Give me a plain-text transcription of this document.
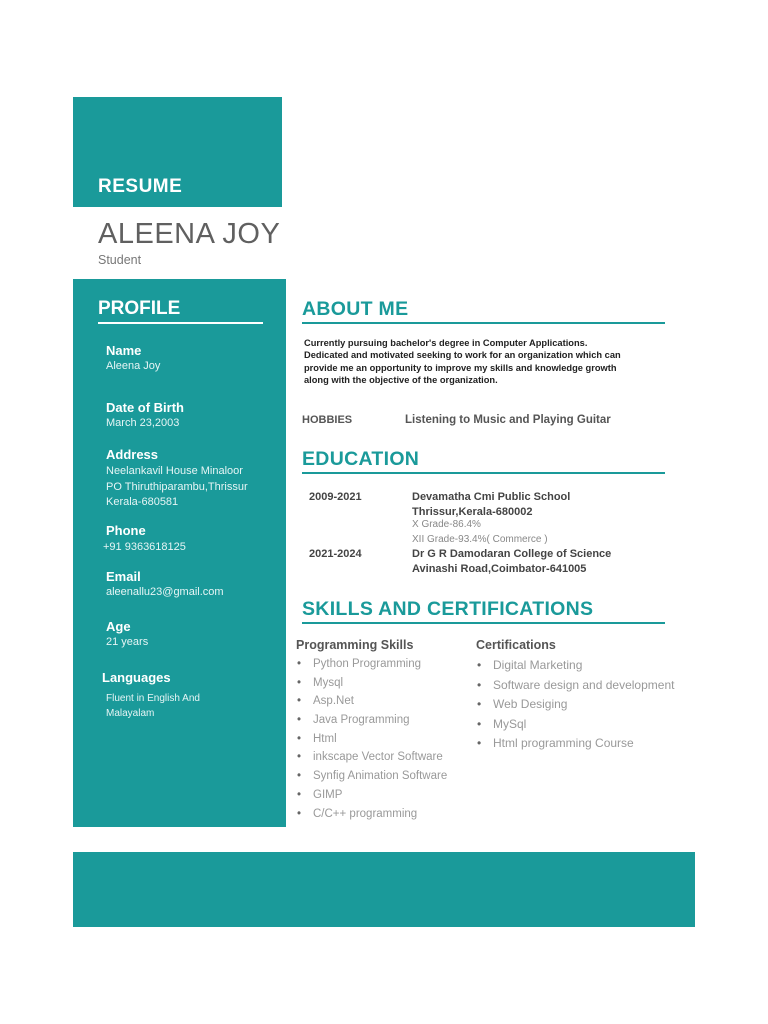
RESUME
ALEENA JOY
Student
PROFILE
Name
Aleena Joy
Date of Birth
March 23,2003
Address
Neelankavil House Minaloor
PO Thiruthiparambu,Thrissur
Kerala-680581
Phone
+91 9363618125
Email
aleenallu23@gmail.com
Age
21 years
Languages
Fluent in English And
Malayalam
ABOUT ME
Currently pursuing bachelor's degree in Computer Applications.
Dedicated and motivated seeking to work for an organization which can
provide me an opportunity to improve my skills and knowledge growth
along with the objective of the organization.
HOBBIES	Listening to Music and Playing Guitar
EDUCATION
2009-2021	Devamatha Cmi Public School
Thrissur,Kerala-680002
X Grade-86.4%
XII Grade-93.4%( Commerce )
2021-2024	Dr G R Damodaran College of Science
Avinashi Road,Coimbator-641005
SKILLS AND CERTIFICATIONS
Programming Skills
• Python Programming
• Mysql
• Asp.Net
• Java Programming
• Html
• inkscape Vector Software
• Synfig Animation Software
• GIMP
• C/C++ programming
Certifications
• Digital Marketing
• Software design and development
• Web Desiging
• MySql
• Html programming Course
